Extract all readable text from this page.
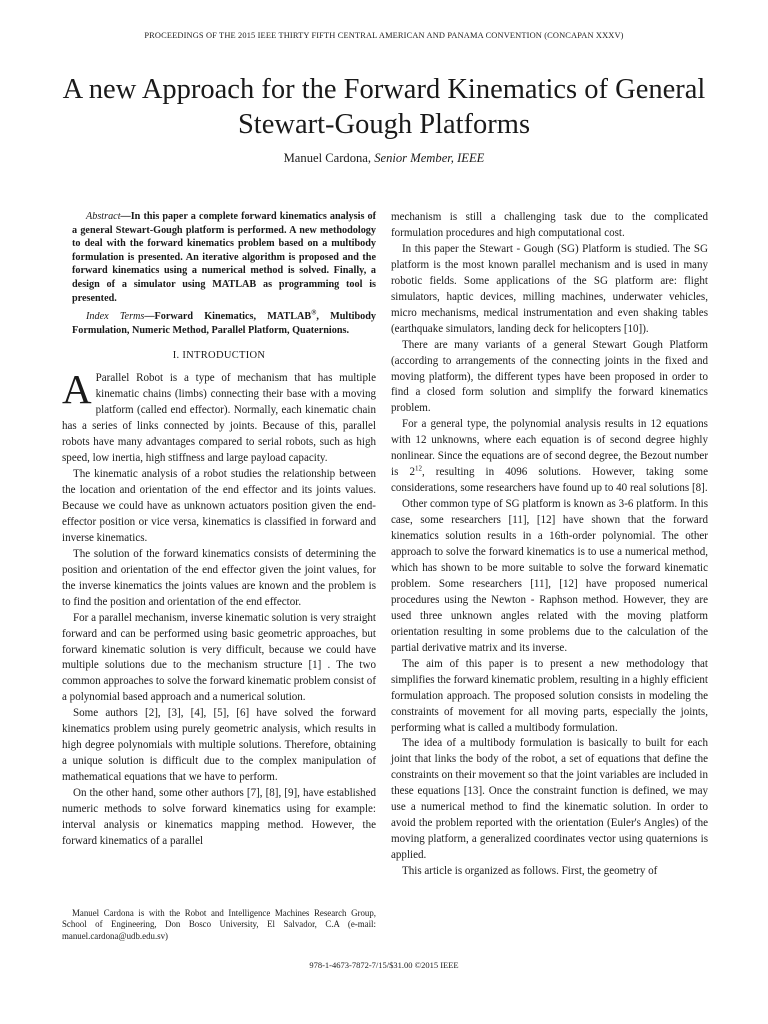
PROCEEDINGS OF THE 2015 IEEE THIRTY FIFTH CENTRAL AMERICAN AND PANAMA CONVENTION (CONCAPAN XXXV)
A new Approach for the Forward Kinematics of General Stewart-Gough Platforms
Manuel Cardona, Senior Member, IEEE

Abstract—In this paper a complete forward kinematics analysis of a general Stewart-Gough platform is performed. A new methodology to deal with the forward kinematics problem based on a multibody formulation is presented. An iterative algorithm is proposed and the forward kinematics using a numerical method is solved. Finally, a design of a simulator using MATLAB as programming tool is presented.

Index Terms—Forward Kinematics, MATLAB®, Multibody Formulation, Numeric Method, Parallel Platform, Quaternions.

I. INTRODUCTION

A Parallel Robot is a type of mechanism that has multiple kinematic chains (limbs) connecting their base with a moving platform (called end effector). Normally, each kinematic chain has a series of links connected by joints. Because of this, parallel robots have many advantages compared to serial robots, such as high speed, low inertia, high stiffness and large payload capacity.

The kinematic analysis of a robot studies the relationship between the location and orientation of the end effector and its joints values. Because we could have as unknown actuators position given the end-effector position or vice versa, kinematics is classified in forward and inverse kinematics.

The solution of the forward kinematics consists of determining the position and orientation of the end effector given the joint values, for the inverse kinematics the joints values are known and the problem is to find the position and orientation of the end effector.

For a parallel mechanism, inverse kinematic solution is very straight forward and can be performed using basic geometric approaches, but forward kinematic solution is very difficult, because we could have multiple solutions due to the mechanism structure [1] . The two common approaches to solve the forward kinematic problem consist of a polynomial based approach and a numerical solution.

Some authors [2], [3], [4], [5], [6] have solved the forward kinematics problem using purely geometric analysis, which results in high degree polynomials with multiple solutions. Therefore, obtaining a unique solution is difficult due to the complex manipulation of mathematical equations that we have to perform.

On the other hand, some other authors [7], [8], [9], have established numeric methods to solve forward kinematics using for example: interval analysis or kinematics mapping method. However, the forward kinematics of a parallel

Manuel Cardona is with the Robot and Intelligence Machines Research Group, School of Engineering, Don Bosco University, El Salvador, C.A (e-mail: manuel.cardona@udb.edu.sv)

mechanism is still a challenging task due to the complicated formulation procedures and high computational cost.

In this paper the Stewart - Gough (SG) Platform is studied. The SG platform is the most known parallel mechanism and is used in many robotic fields. Some applications of the SG platform are: flight simulators, haptic devices, milling machines, underwater vehicles, micro mechanisms, medical instrumentation and even shaking tables (earthquake simulators, landing deck for helicopters [10]).

There are many variants of a general Stewart Gough Platform (according to arrangements of the connecting joints in the fixed and moving platform), the different types have been proposed in order to find a closed form solution and simplify the forward kinematics problem.

For a general type, the polynomial analysis results in 12 equations with 12 unknowns, where each equation is of second degree highly nonlinear. Since the equations are of second degree, the Bezout number is $2^{12}$, resulting in 4096 solutions. However, taking some considerations, some researchers have found up to 40 real solutions [8].

Other common type of SG platform is known as 3-6 platform. In this case, some researchers [11], [12] have shown that the forward kinematics solution results in a 16th-order polynomial. The other approach to solve the forward kinematics is to use a numerical method, which has shown to be more suitable to solve the forward kinematic problem. Some researchers [11], [12] have proposed numerical procedures using the Newton - Raphson method. However, they are used three unknown angles related with the moving platform orientation resulting in some problems due to the calculation of the partial derivative matrix and its inverse.

The aim of this paper is to present a new methodology that simplifies the forward kinematic problem, resulting in a highly efficient formulation approach. The proposed solution consists in modeling the constraints of movement for all moving parts, especially the joints, performing what is called a multibody formulation.

The idea of a multibody formulation is basically to built for each joint that links the body of the robot, a set of equations that define the constraints on their movement so that the joint variables are included in these equations [13]. Once the constraint function is defined, we may use a numerical method to find the kinematic solution. In order to avoid the problem reported with the orientation (Euler's Angles) of the moving platform, a generalized coordinates vector using quaternions is applied.

This article is organized as follows. First, the geometry of

978-1-4673-7872-7/15/$31.00 ©2015 IEEE
